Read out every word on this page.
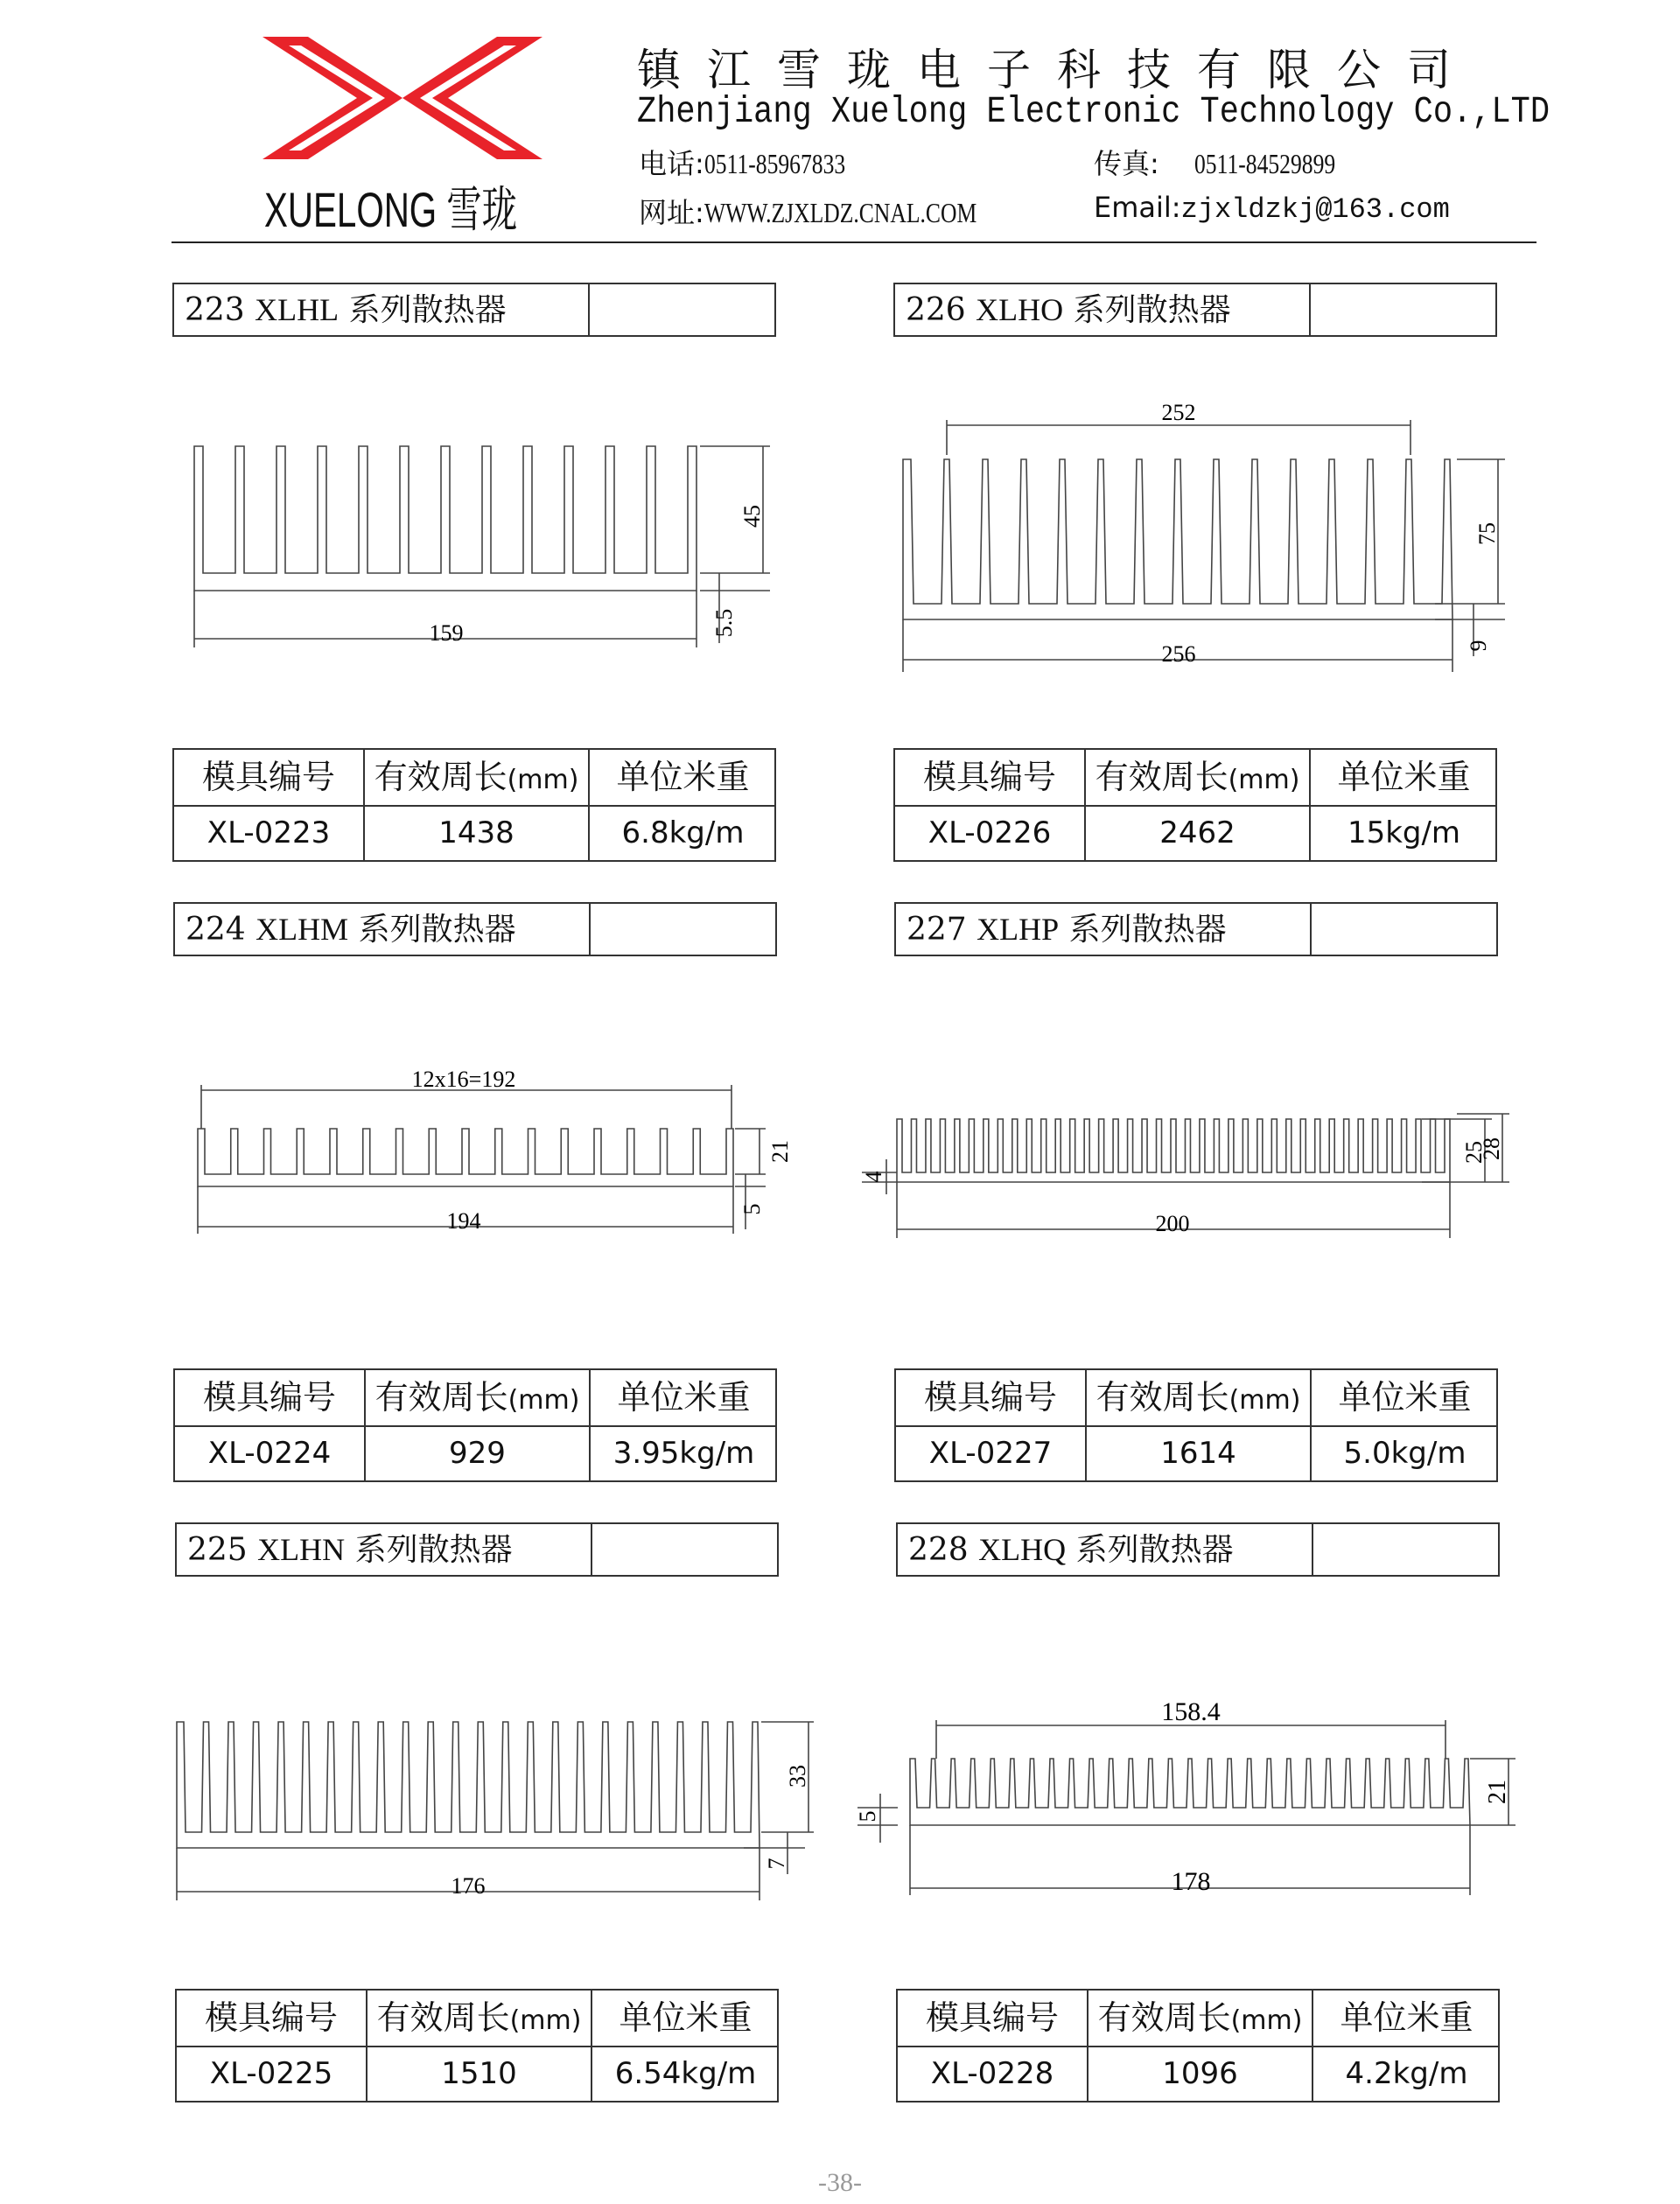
XUELONG 雪珑
镇江雪珑电子科技有限公司
Zhenjiang Xuelong Electronic Technology Co.,LTD
电话:0511-85967833	传真: 0511-84529899
网址:WWW.ZJXLDZ.CNAL.COM	Email:zjxldzkj@163.com
223 XLHL 系列散热器
159
45
5.5
模具编号	有效周长(mm)	单位米重
XL-0223	1438	6.8kg/m
226 XLHO 系列散热器
252
256
75
9
模具编号	有效周长(mm)	单位米重
XL-0226	2462	15kg/m
224 XLHM 系列散热器
12x16=192
194
21
5
模具编号	有效周长(mm)	单位米重
XL-0224	929	3.95kg/m
227 XLHP 系列散热器
200
25
28
4
模具编号	有效周长(mm)	单位米重
XL-0227	1614	5.0kg/m
225 XLHN 系列散热器
176
33
7
模具编号	有效周长(mm)	单位米重
XL-0225	1510	6.54kg/m
228 XLHQ 系列散热器
158.4
178
21
5
模具编号	有效周长(mm)	单位米重
XL-0228	1096	4.2kg/m
-38-
